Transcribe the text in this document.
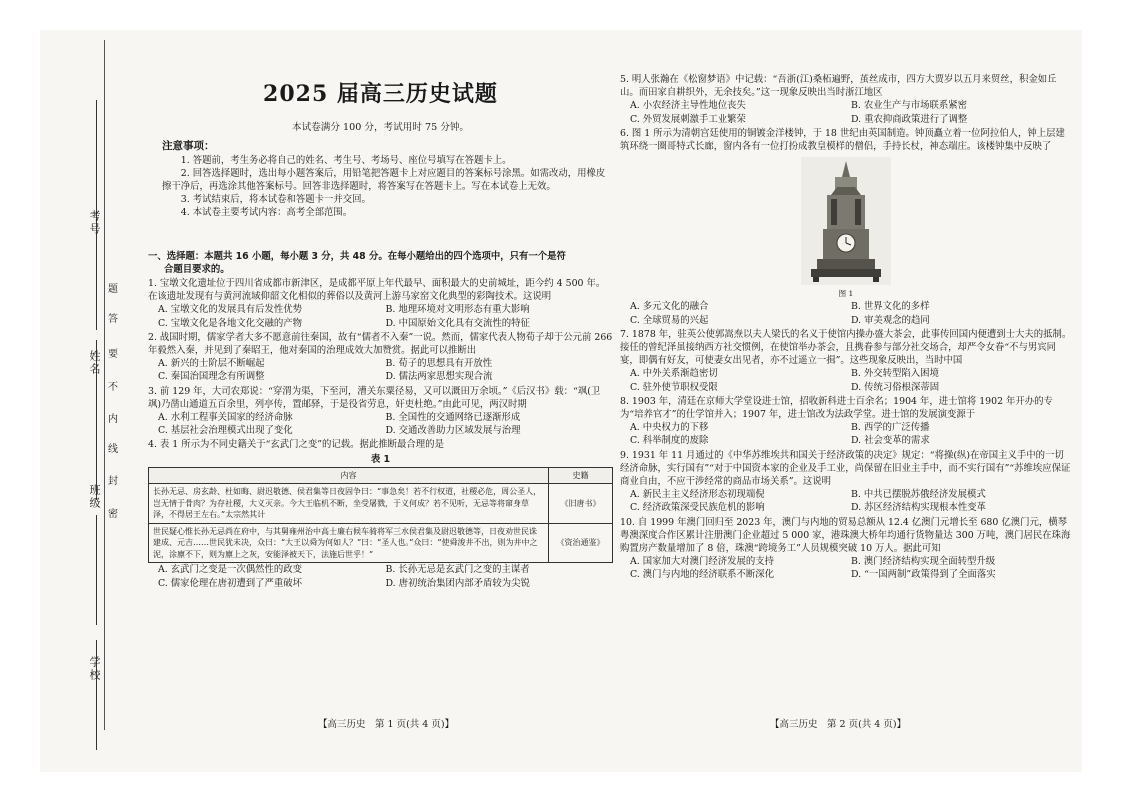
考号
姓名
班级
学校
题
答
要
不
内
线
封
密
2025 届高三历史试题
本试卷满分 100 分，考试用时 75 分钟。
注意事项：

1. 答题前，考生务必将自己的姓名、考生号、考场号、座位号填写在答题卡上。

2. 回答选择题时，选出每小题答案后，用铅笔把答题卡上对应题目的答案标号涂黑。如需改动，用橡皮擦干净后，再选涂其他答案标号。回答非选择题时，将答案写在答题卡上。写在本试卷上无效。

3. 考试结束后，将本试卷和答题卡一并交回。

4. 本试卷主要考试内容：高考全部范围。

一、选择题：本题共 16 小题，每小题 3 分，共 48 分。在每小题给出的四个选项中，只有一个是符
合题目要求的。
1. 宝墩文化遗址位于四川省成都市新津区，是成都平原上年代最早、面积最大的史前城址，距今约 4 500 年。在该遗址发现有与黄河流域仰韶文化相似的葬俗以及黄河上游马家窑文化典型的彩陶技术。这说明
A. 宝墩文化的发展具有后发性优势	B. 地理环境对文明形态有重大影响
C. 宝墩文化是各地文化交融的产物	D. 中国原始文化具有交流性的特征
2. 战国时期，儒家学者大多不愿意前往秦国，故有“儒者不入秦”一说。然而，儒家代表人物荀子却于公元前 266 年毅然入秦，并见到了秦昭王，他对秦国的治理成效大加赞赏。据此可以推断出
A. 新兴的士阶层不断崛起	B. 荀子的思想具有开放性
C. 秦国治国理念有所调整	D. 儒法两家思想实现合流
3. 前 129 年，大司农郑说：“穿渭为渠，下至河，漕关东粟径易，又可以溉田万余顷。”《后汉书》载：“飒(卫飒)乃凿山通道五百余里，列亭传，置邮驿，于是役省劳息，奸吏杜绝。”由此可见，两汉时期
A. 水利工程事关国家的经济命脉	B. 全国性的交通网络已逐渐形成
C. 基层社会治理模式出现了变化	D. 交通改善助力区域发展与治理
4. 表 1 所示为不同史籍关于“玄武门之变”的记载。据此推断最合理的是
表 1
内容	史籍
长孙无忌、房玄龄、杜如晦、尉迟敬德、侯君集等日夜固争曰：“事急矣！若不行权道，社稷必危，周公圣人，岂无情于骨肉？为存社稷，大义灭亲。今大王临机不断，坐受屠戮，于义何成？若不见听，无忌等将窜身草泽，不得居王左右。”太宗然其计	《旧唐书》
世民疑心惟长孙无忌尚在府中，与其舅雍州治中高士廉右候车骑将军三水侯君集及尉迟敬德等，日夜劝世民诛建成、元吉……世民犹未决，众曰：“大王以舜为何如人？”曰：“圣人也。”众曰：“使舜浚井不出，则为井中之泥，涂廪不下，则为廪上之灰，安能泽被天下，法施后世乎！”	《资治通鉴》
A. 玄武门之变是一次偶然性的政变	B. 长孙无忌是玄武门之变的主谋者
C. 儒家伦理在唐初遭到了严重破坏	D. 唐初统治集团内部矛盾较为尖锐
5. 明人张瀚在《松窗梦语》中记载：“吾浙(江)桑柘遍野，茧丝成市，四方大贾岁以五月来贸丝，积金如丘山。而田家自耕织外，无余技矣。”这一现象反映出当时浙江地区
A. 小农经济主导性地位丧失	B. 农业生产与市场联系紧密
C. 外贸发展刺激手工业繁荣	D. 重农抑商政策进行了调整
6. 图 1 所示为清朝宫廷使用的铜镀金洋楼钟，于 18 世纪由英国制造。钟顶矗立着一位阿拉伯人，钟上层建筑环绕一圈哥特式长廊，窗内各有一位打扮成教皇模样的僧侣，手持长杖，神态端庄。该楼钟集中反映了
图 1
A. 多元文化的融合	B. 世界文化的多样
C. 全球贸易的兴起	D. 审美观念的趋同
7. 1878 年，驻英公使郭嵩焘以夫人梁氏的名义于使馆内操办盛大茶会，此事传回国内便遭到士大夫的抵制。接任的曾纪泽虽接纳西方社交惯例，在使馆举办茶会，且携眷参与部分社交场合，却严令女眷“不与男宾同宴，即偶有好友，可使妻女出见者，亦不过遥立一揖”。这些现象反映出，当时中国
A. 中外关系渐趋密切	B. 外交转型陷入困境
C. 驻外使节职权受限	D. 传统习俗根深蒂固
8. 1903 年，清廷在京师大学堂设进士馆，招收新科进士百余名；1904 年，进士馆将 1902 年开办的专为“培养官才”的仕学馆并入；1907 年，进士馆改为法政学堂。进士馆的发展演变源于
A. 中央权力的下移	B. 西学的广泛传播
C. 科举制度的废除	D. 社会变革的需求
9. 1931 年 11 月通过的《中华苏维埃共和国关于经济政策的决定》规定：“将操(纵)在帝国主义手中的一切经济命脉，实行国有”“对于中国资本家的企业及手工业，尚保留在旧业主手中，而不实行国有”“苏维埃应保证商业自由，不应干涉经常的商品市场关系”。这说明
A. 新民主主义经济形态初现端倪	B. 中共已摆脱苏俄经济发展模式
C. 经济政策深受民族危机的影响	D. 苏区经济结构实现根本性变革
10. 自 1999 年澳门回归至 2023 年，澳门与内地的贸易总额从 12.4 亿澳门元增长至 680 亿澳门元，横琴粤澳深度合作区累计注册澳门企业超过 5 000 家，港珠澳大桥年均通行货物量达 300 万吨，澳门居民在珠海购置房产数量增加了 8 倍，珠澳“跨境务工”人员规模突破 10 万人。据此可知
A. 国家加大对澳门经济发展的支持	B. 澳门经济结构实现全面转型升级
C. 澳门与内地的经济联系不断深化	D. “一国两制”政策得到了全面落实
【高三历史　第 1 页(共 4 页)】	【高三历史　第 2 页(共 4 页)】
